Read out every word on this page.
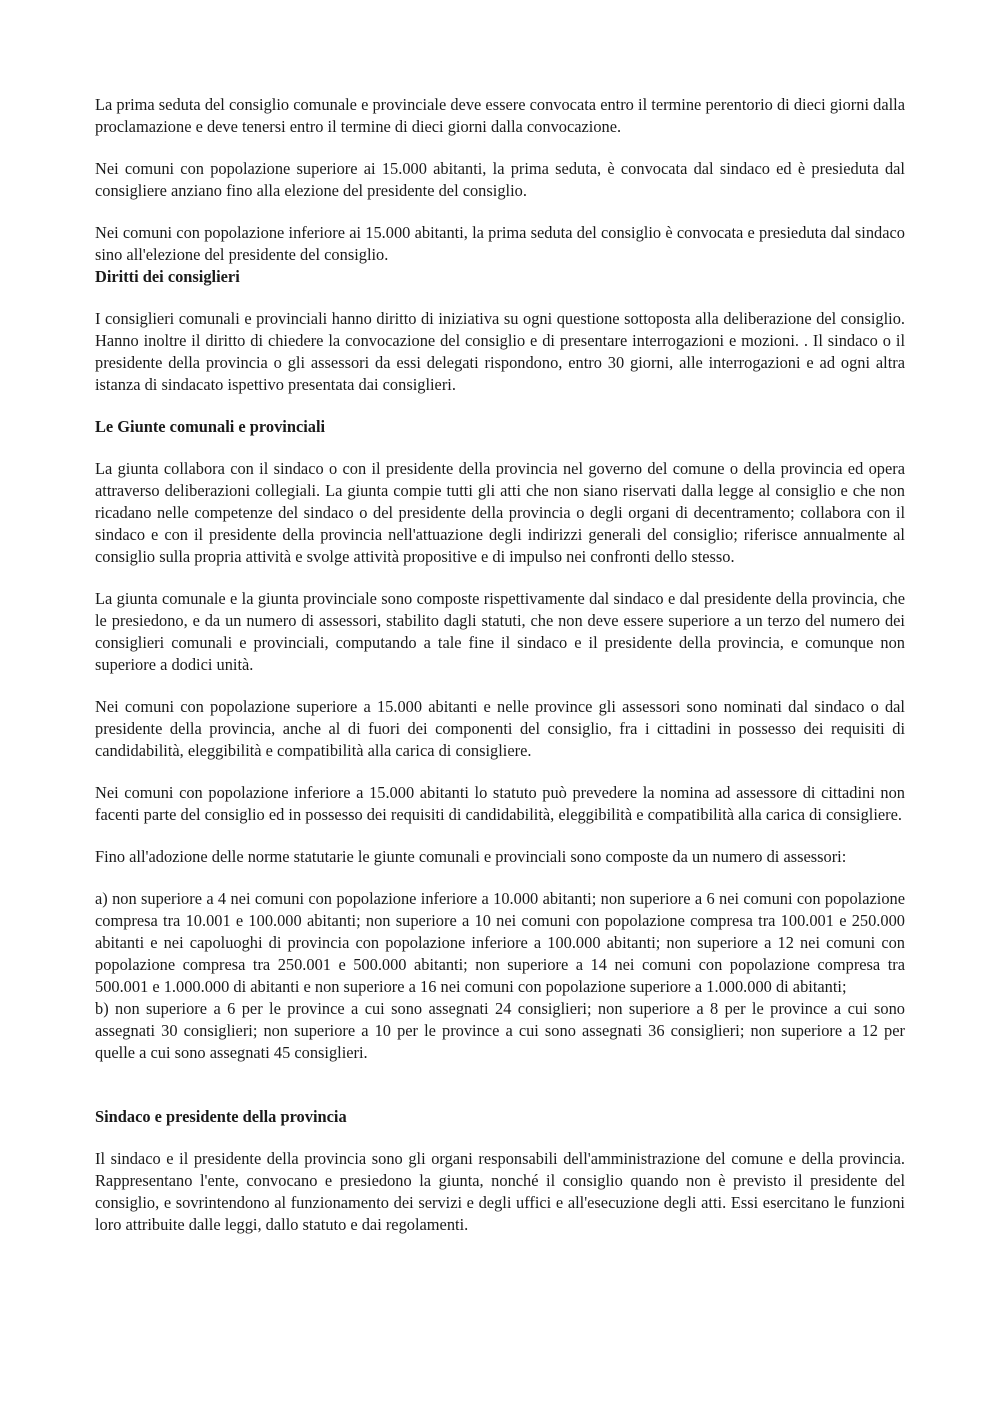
La prima seduta del consiglio comunale e provinciale deve essere convocata entro il termine perentorio di dieci giorni dalla proclamazione e deve tenersi entro il termine di dieci giorni dalla convocazione.

Nei comuni con popolazione superiore ai 15.000 abitanti, la prima seduta, è convocata dal sindaco ed è presieduta dal consigliere anziano fino alla elezione del presidente del consiglio.

Nei comuni con popolazione inferiore ai 15.000 abitanti, la prima seduta del consiglio è convocata e presieduta dal sindaco sino all'elezione del presidente del consiglio.

Diritti dei consiglieri

I consiglieri comunali e provinciali hanno diritto di iniziativa su ogni questione sottoposta alla deliberazione del consiglio. Hanno inoltre il diritto di chiedere la convocazione del consiglio e di presentare interrogazioni e mozioni. . Il sindaco o il presidente della provincia o gli assessori da essi delegati rispondono, entro 30 giorni, alle interrogazioni e ad ogni altra istanza di sindacato ispettivo presentata dai consiglieri.

Le Giunte comunali e provinciali

La giunta collabora con il sindaco o con il presidente della provincia nel governo del comune o della provincia ed opera attraverso deliberazioni collegiali. La giunta compie tutti gli atti che non siano riservati dalla legge al consiglio e che non ricadano nelle competenze del sindaco o del presidente della provincia o degli organi di decentramento; collabora con il sindaco e con il presidente della provincia nell'attuazione degli indirizzi generali del consiglio; riferisce annualmente al consiglio sulla propria attività e svolge attività propositive e di impulso nei confronti dello stesso.

La giunta comunale e la giunta provinciale sono composte rispettivamente dal sindaco e dal presidente della provincia, che le presiedono, e da un numero di assessori, stabilito dagli statuti, che non deve essere superiore a un terzo del numero dei consiglieri comunali e provinciali, computando a tale fine il sindaco e il presidente della provincia, e comunque non superiore a dodici unità.

Nei comuni con popolazione superiore a 15.000 abitanti e nelle province gli assessori sono nominati dal sindaco o dal presidente della provincia, anche al di fuori dei componenti del consiglio, fra i cittadini in possesso dei requisiti di candidabilità, eleggibilità e compatibilità alla carica di consigliere.

Nei comuni con popolazione inferiore a 15.000 abitanti lo statuto può prevedere la nomina ad assessore di cittadini non facenti parte del consiglio ed in possesso dei requisiti di candidabilità, eleggibilità e compatibilità alla carica di consigliere.

Fino all'adozione delle norme statutarie le giunte comunali e provinciali sono composte da un numero di assessori:

a) non superiore a 4 nei comuni con popolazione inferiore a 10.000 abitanti; non superiore a 6 nei comuni con popolazione compresa tra 10.001 e 100.000 abitanti; non superiore a 10 nei comuni con popolazione compresa tra 100.001 e 250.000 abitanti e nei capoluoghi di provincia con popolazione inferiore a 100.000 abitanti; non superiore a 12 nei comuni con popolazione compresa tra 250.001 e 500.000 abitanti; non superiore a 14 nei comuni con popolazione compresa tra 500.001 e 1.000.000 di abitanti e non superiore a 16 nei comuni con popolazione superiore a 1.000.000 di abitanti;

b) non superiore a 6 per le province a cui sono assegnati 24 consiglieri; non superiore a 8 per le province a cui sono assegnati 30 consiglieri; non superiore a 10 per le province a cui sono assegnati 36 consiglieri; non superiore a 12 per quelle a cui sono assegnati 45 consiglieri.

Sindaco e presidente della provincia

Il sindaco e il presidente della provincia sono gli organi responsabili dell'amministrazione del comune e della provincia. Rappresentano l'ente, convocano e presiedono la giunta, nonché il consiglio quando non è previsto il presidente del consiglio, e sovrintendono al funzionamento dei servizi e degli uffici e all'esecuzione degli atti. Essi esercitano le funzioni loro attribuite dalle leggi, dallo statuto e dai regolamenti.
